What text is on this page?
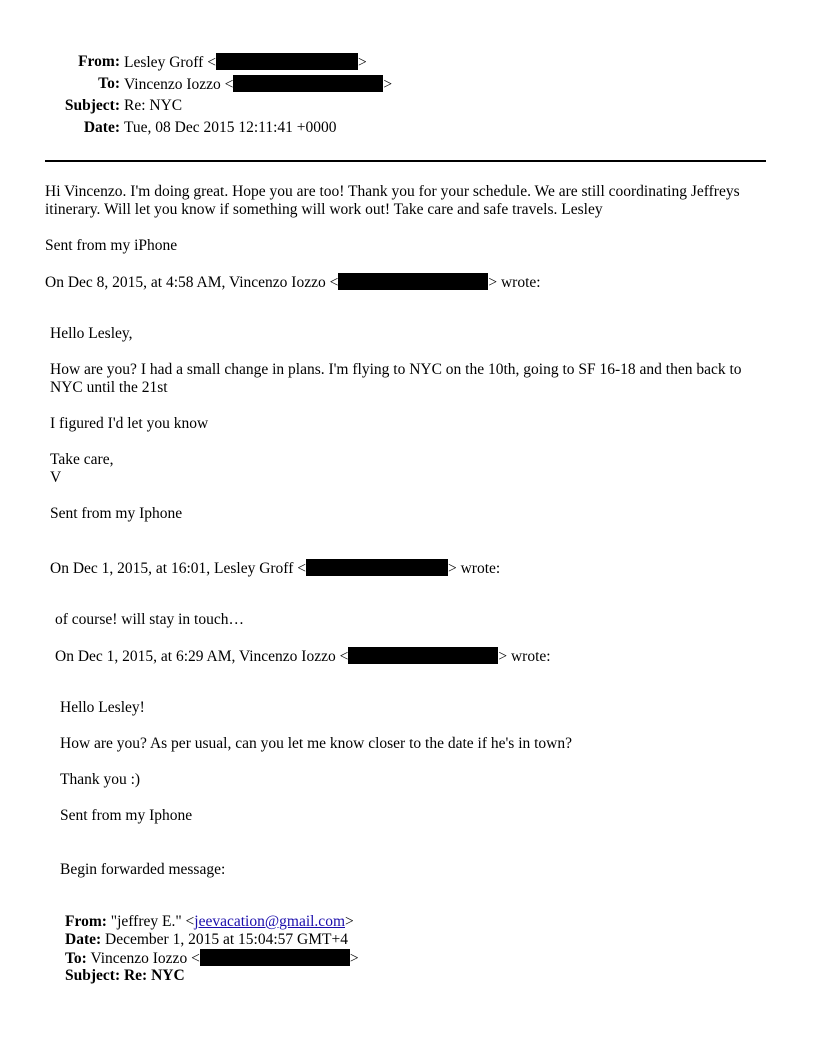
From: Lesley Groff <	>
To: Vincenzo Iozzo <	>
Subject: Re: NYC
Date: Tue, 08 Dec 2015 12:11:41 +0000
Hi Vincenzo. I'm doing great. Hope you are too! Thank you for your schedule. We are still coordinating Jeffreys itinerary. Will let you know if something will work out! Take care and safe travels. Lesley
Sent from my iPhone
On Dec 8, 2015, at 4:58 AM, Vincenzo Iozzo <	> wrote:
Hello Lesley,
How are you? I had a small change in plans. I'm flying to NYC on the 10th, going to SF 16-18 and then back to NYC until the 21st
I figured I'd let you know
Take care,
V
Sent from my Iphone
On Dec 1, 2015, at 16:01, Lesley Groff <	> wrote:
of course! will stay in touch…
On Dec 1, 2015, at 6:29 AM, Vincenzo Iozzo <	> wrote:
Hello Lesley!
How are you? As per usual, can you let me know closer to the date if he's in town?
Thank you :)
Sent from my Iphone
Begin forwarded message:
From: "jeffrey E." <jeevacation@gmail.com>
Date: December 1, 2015 at 15:04:57 GMT+4
To: Vincenzo Iozzo <	>
Subject: Re: NYC
